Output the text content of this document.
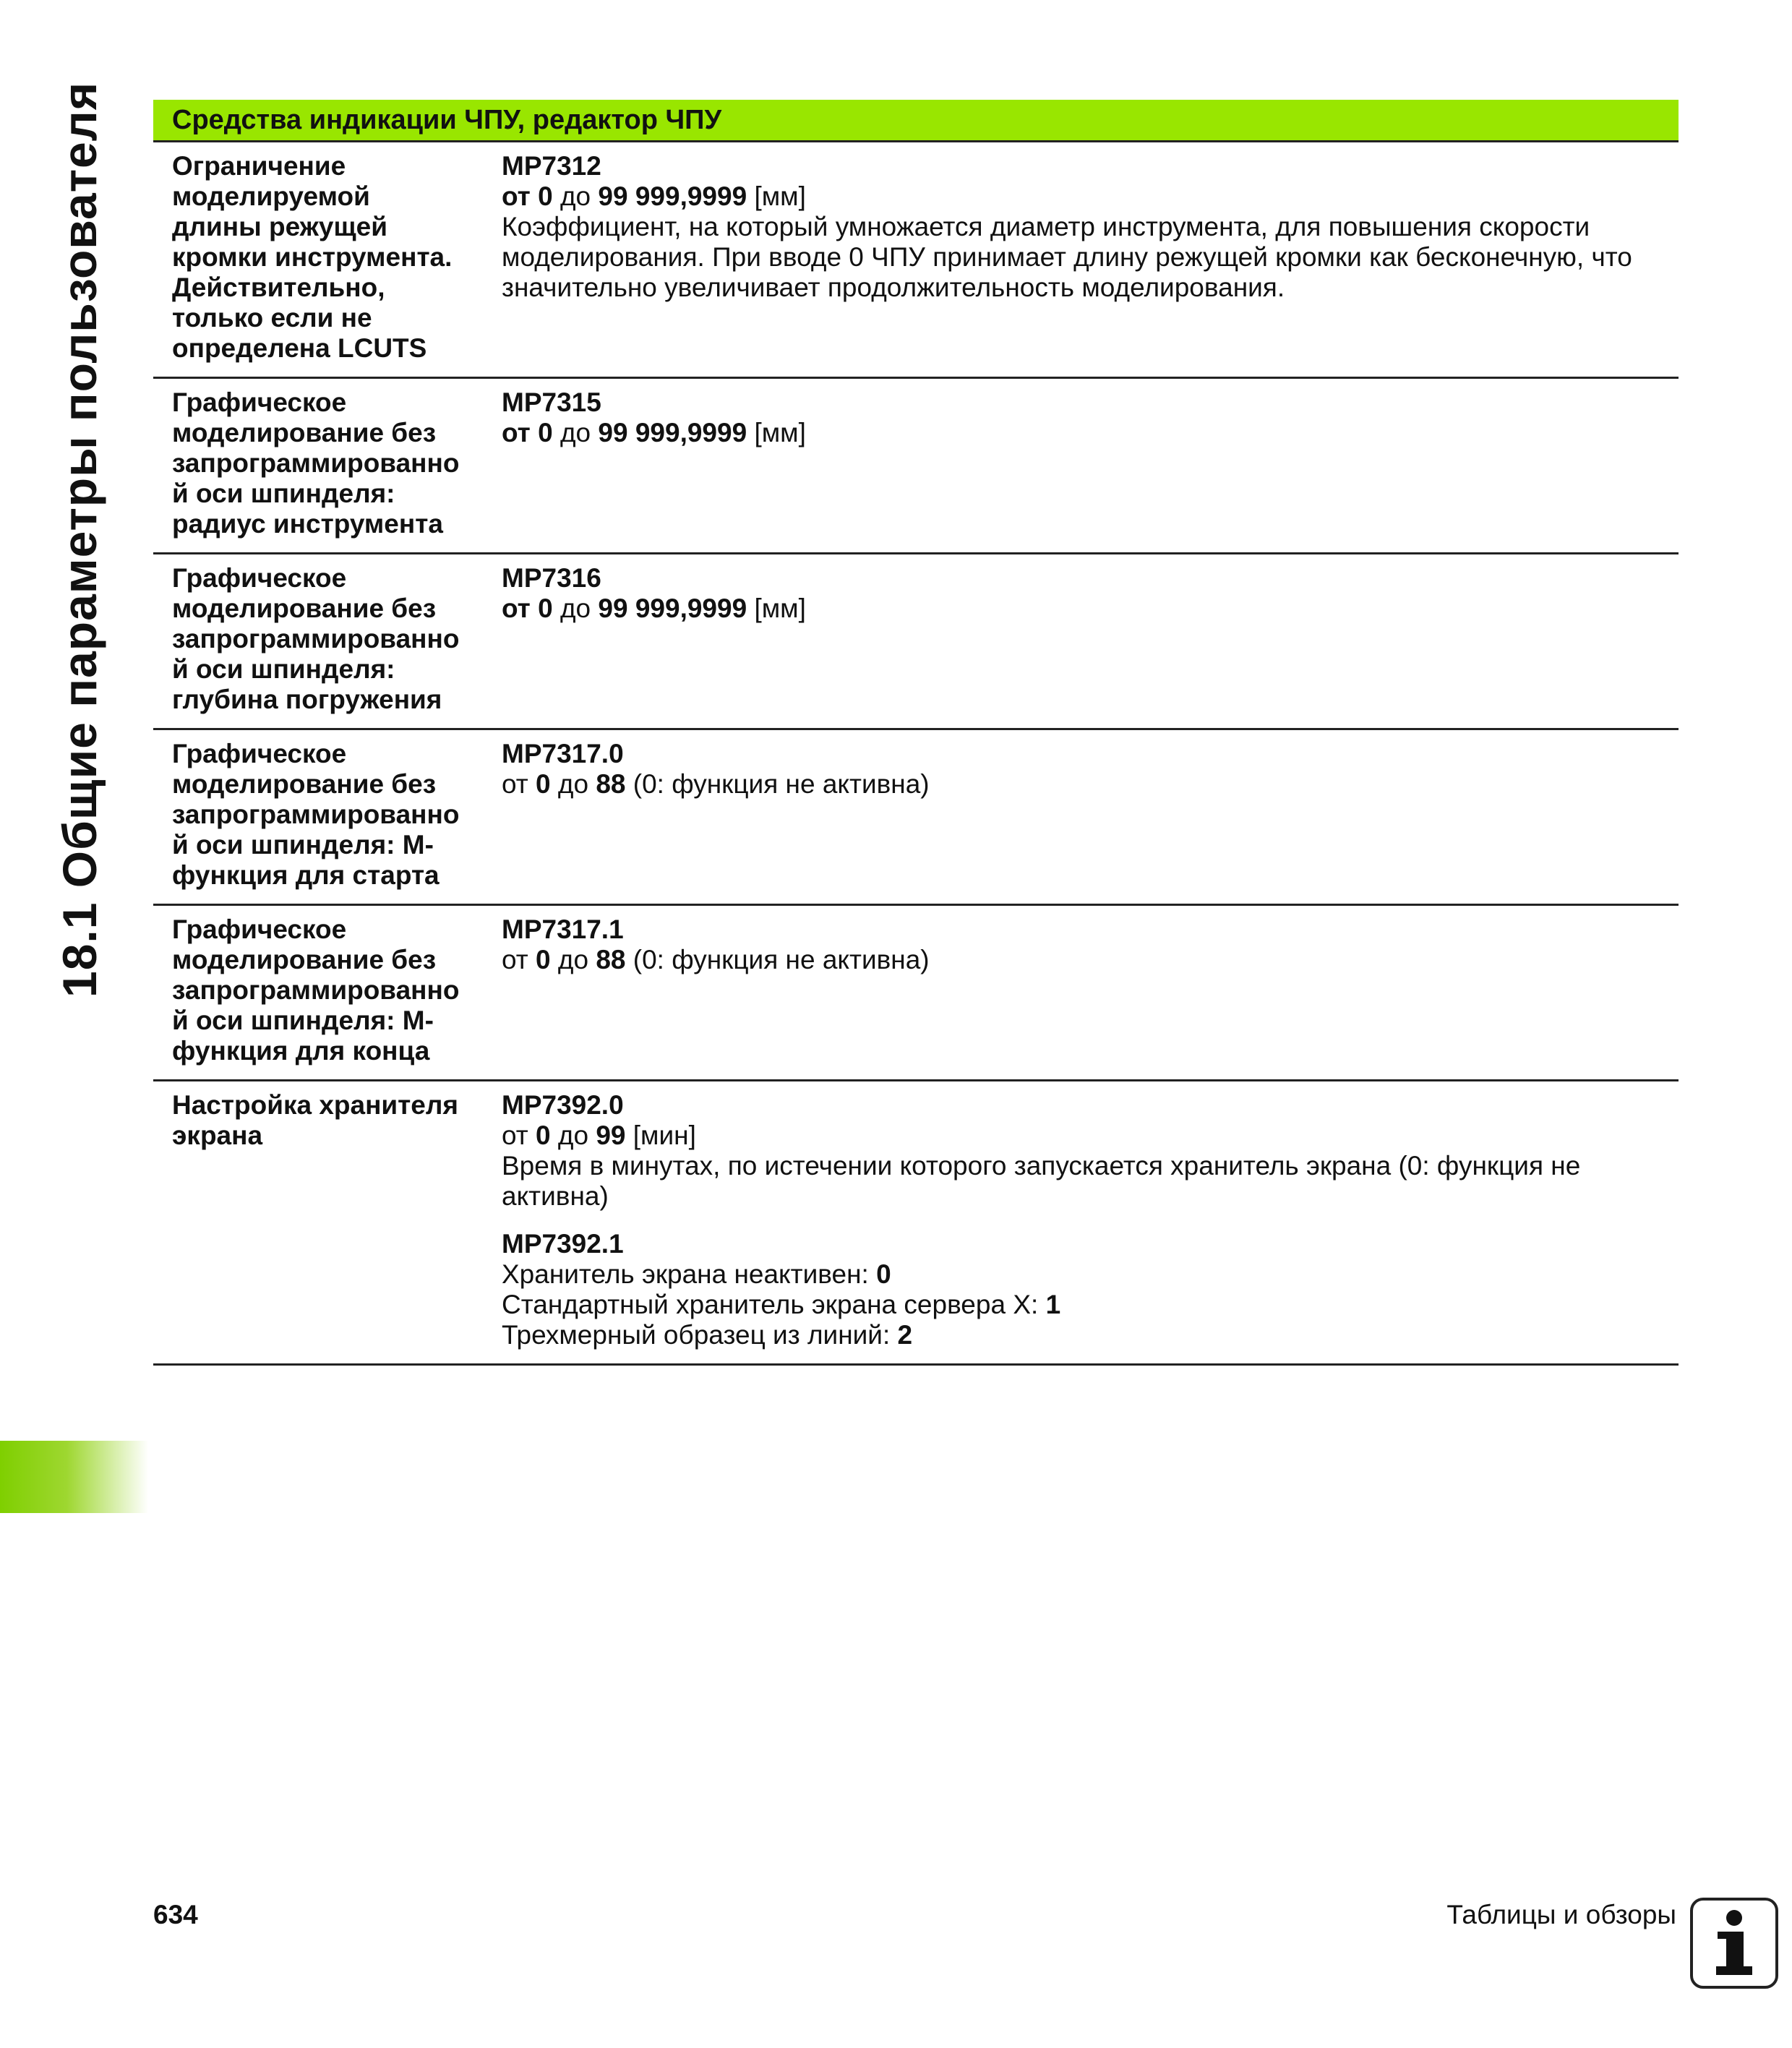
18.1 Общие параметры пользователя	Средства индикации ЧПУ, редактор ЧПУ
Ограничение
моделируемой
длины режущей
кромки инструмента.
Действительно,
только если не
определена LCUTS
MP7312
от 0 до 99 999,9999 [мм]
Коэффициент, на который умножается диаметр инструмента, для повышения скорости моделирования. При вводе 0 ЧПУ принимает длину режущей кромки как бесконечную, что значительно увеличивает продолжительность моделирования.
Графическое
моделирование без
запрограммированно
й оси шпинделя:
радиус инструмента
MP7315
от 0 до 99 999,9999 [мм]
Графическое
моделирование без
запрограммированно
й оси шпинделя:
глубина погружения
MP7316
от 0 до 99 999,9999 [мм]
Графическое
моделирование без
запрограммированно
й оси шпинделя: M-
функция для старта
MP7317.0
от 0 до 88 (0: функция не активна)
Графическое
моделирование без
запрограммированно
й оси шпинделя: M-
функция для конца
MP7317.1
от 0 до 88 (0: функция не активна)
Настройка хранителя
экрана
MP7392.0
от 0 до 99 [мин]
Время в минутах, по истечении которого запускается хранитель экрана (0: функция не активна)
MP7392.1
Хранитель экрана неактивен: 0
Стандартный хранитель экрана сервера X: 1
Трехмерный образец из линий: 2
634	Таблицы и обзоры
